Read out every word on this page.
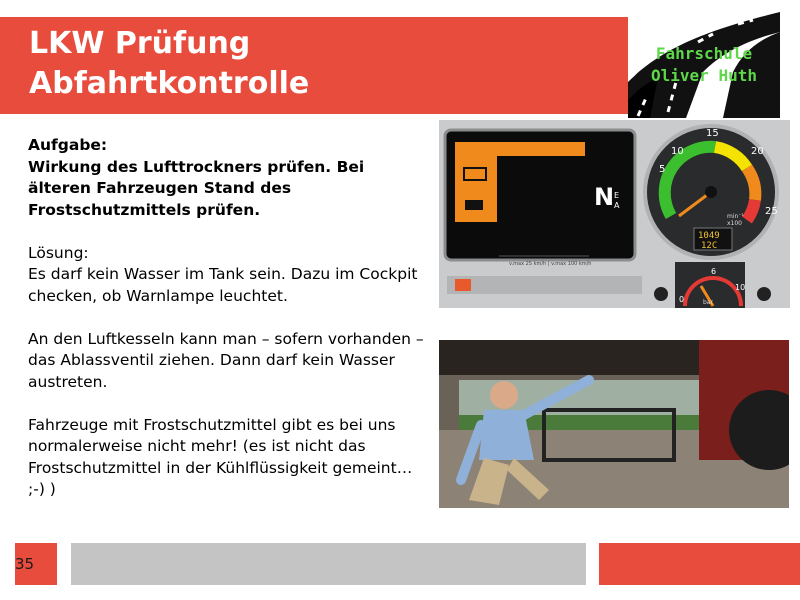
LKW Prüfung
Abfahrtkontrolle
Fahrschule
Oliver Huth

Aufgabe:
Wirkung des Lufttrockners prüfen. Bei älteren Fahrzeugen Stand des Frostschutzmittels prüfen.

Lösung:
Es darf kein Wasser im Tank sein. Dazu im Cockpit checken, ob Warnlampe leuchtet.

An den Luftkesseln kann man – sofern vorhanden – das Ablassventil ziehen. Dann darf kein Wasser austreten.

Fahrzeuge mit Frostschutzmittel gibt es bei uns normalerweise nicht mehr! (es ist nicht das Frostschutzmittel in der Kühlflüssigkeit gemeint… ;-) )

N E
A
v.max 25 km/h | v.max 100 km/h
5
10
15
20
25
min⁻¹
x100
1049
12C
0
6
10
bar
35
